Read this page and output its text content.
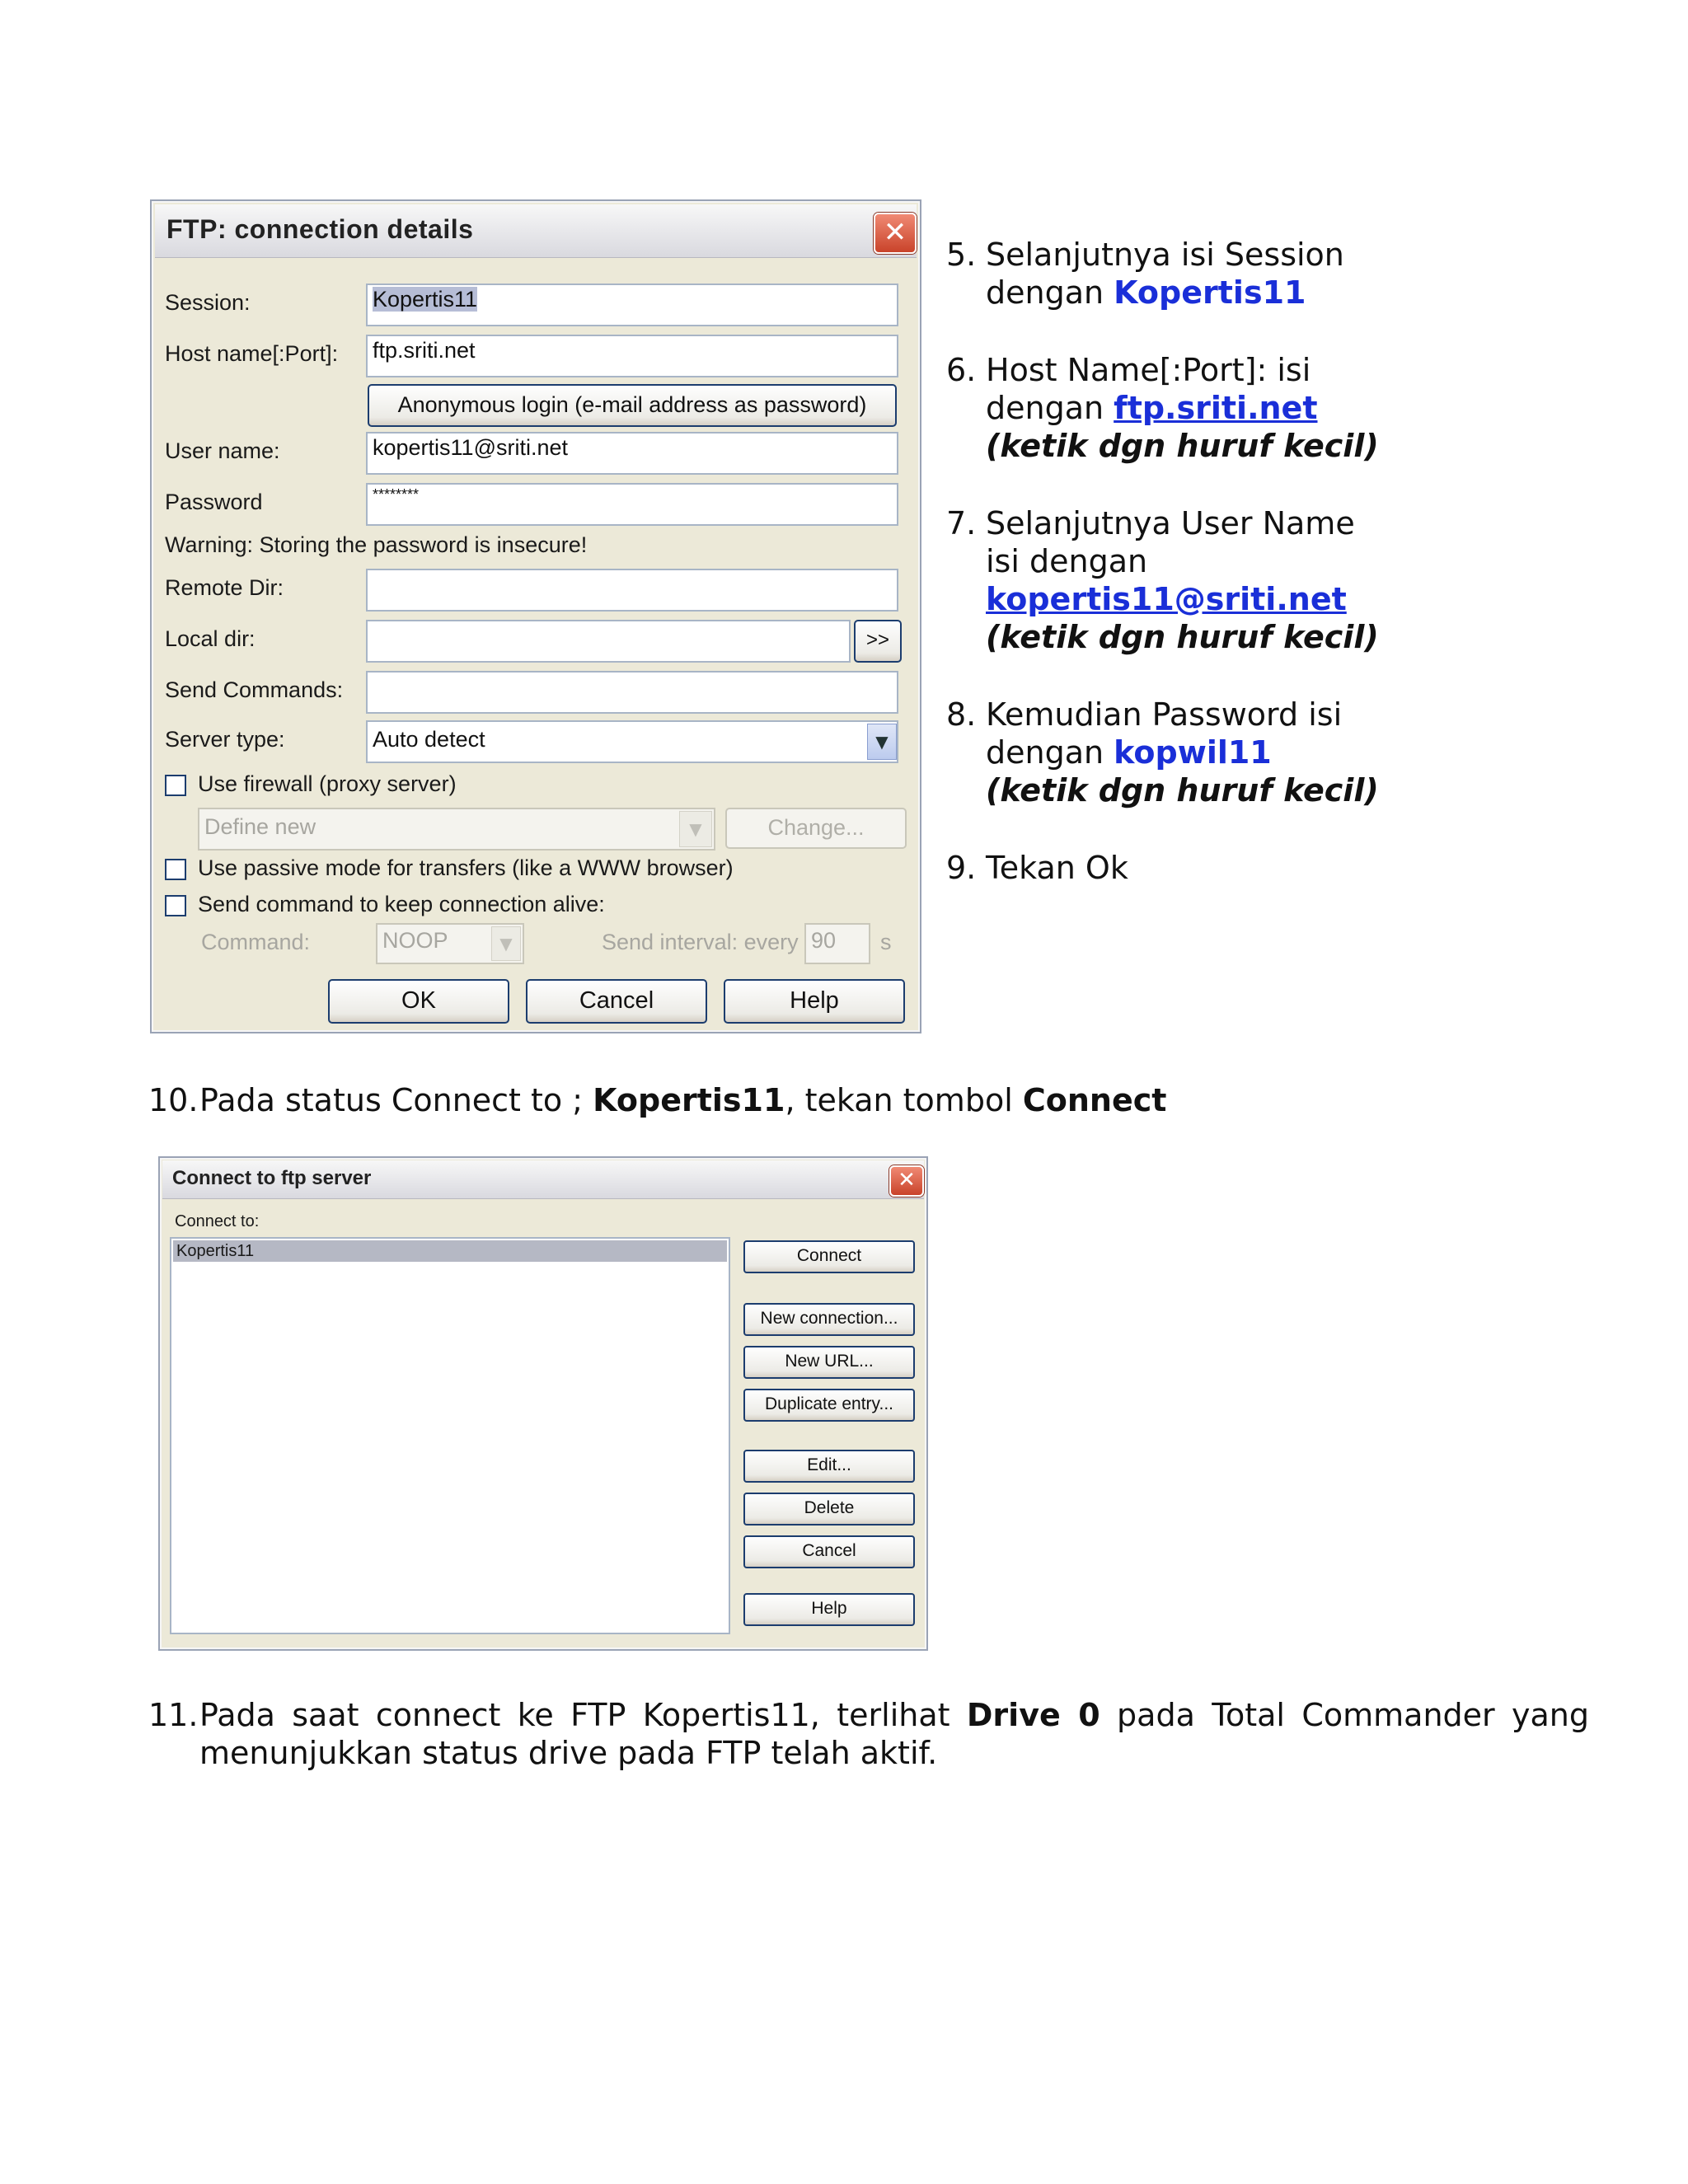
FTP: connection details	✕
Session:	Kopertis11
Host name[:Port]: ftp.sriti.net
Anonymous login (e-mail address as password)
User name:	kopertis11@sriti.net
Password	********
Warning: Storing the password is insecure!
Remote Dir:
Local dir:	>>
Send Commands:
Server type:	Auto detect	▼
Use firewall (proxy server)
Define new	▼	Change...
Use passive mode for transfers (like a WWW browser)
Send command to keep connection alive:
Command:	NOOP	▼	Send interval: every 90	s
OK	Cancel	Help
5. Selanjutnya isi Session
dengan Kopertis11
6. Host Name[:Port]: isi
dengan ftp.sriti.net
(ketik dgn huruf kecil)
7. Selanjutnya User Name
isi dengan
kopertis11@sriti.net
(ketik dgn huruf kecil)
8. Kemudian Password isi
dengan kopwil11
(ketik dgn huruf kecil)
9. Tekan Ok
10. Pada status Connect to ; Kopertis11, tekan tombol Connect
Connect to ftp server	✕
Connect to:
Kopertis11	Connect
New connection...
New URL...
Duplicate entry...
Edit...
Delete
Cancel
Help
11. Pada saat connect ke FTP Kopertis11, terlihat Drive 0 pada Total Commander yang
menunjukkan status drive pada FTP telah aktif.
